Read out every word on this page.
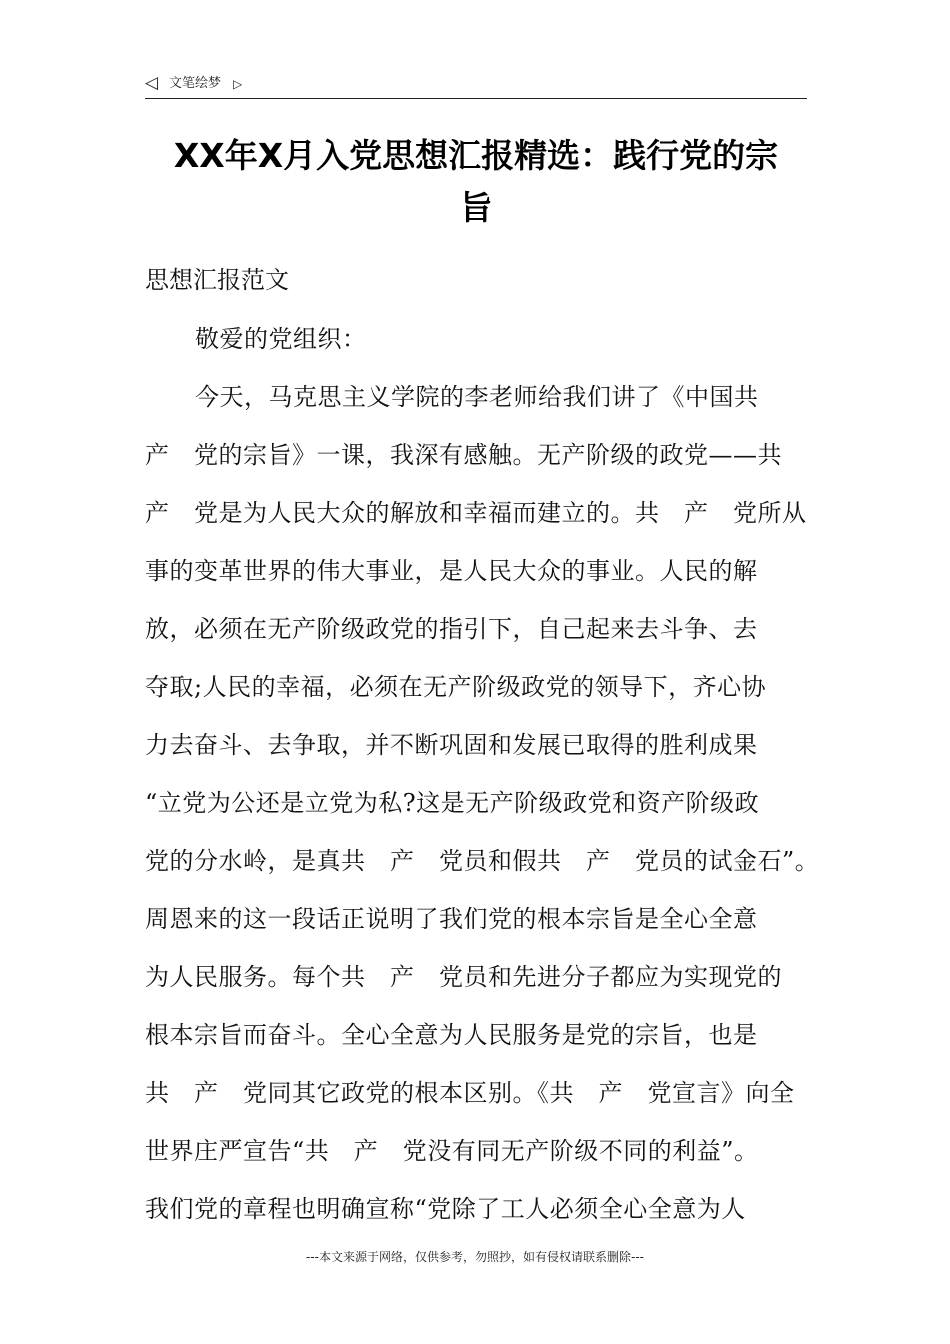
◁ 文笔绘梦 ▷
XX年X月入党思想汇报精选：践行党的宗
旨
思想汇报范文
敬爱的党组织：
今天，马克思主义学院的李老师给我们讲了《中国共
产　党的宗旨》一课，我深有感触。无产阶级的政党——共
产　党是为人民大众的解放和幸福而建立的。共　产　党所从
事的变革世界的伟大事业，是人民大众的事业。人民的解
放，必须在无产阶级政党的指引下，自己起来去斗争、去
夺取;人民的幸福，必须在无产阶级政党的领导下，齐心协
力去奋斗、去争取，并不断巩固和发展已取得的胜利成果
“立党为公还是立党为私?这是无产阶级政党和资产阶级政
党的分水岭，是真共　产　党员和假共　产　党员的试金石”。
周恩来的这一段话正说明了我们党的根本宗旨是全心全意
为人民服务。每个共　产　党员和先进分子都应为实现党的
根本宗旨而奋斗。全心全意为人民服务是党的宗旨，也是
共　产　党同其它政党的根本区别。《共　产　党宣言》向全
世界庄严宣告“共　产　党没有同无产阶级不同的利益”。
我们党的章程也明确宣称“党除了工人必须全心全意为人
---本文来源于网络，仅供参考，勿照抄，如有侵权请联系删除---
